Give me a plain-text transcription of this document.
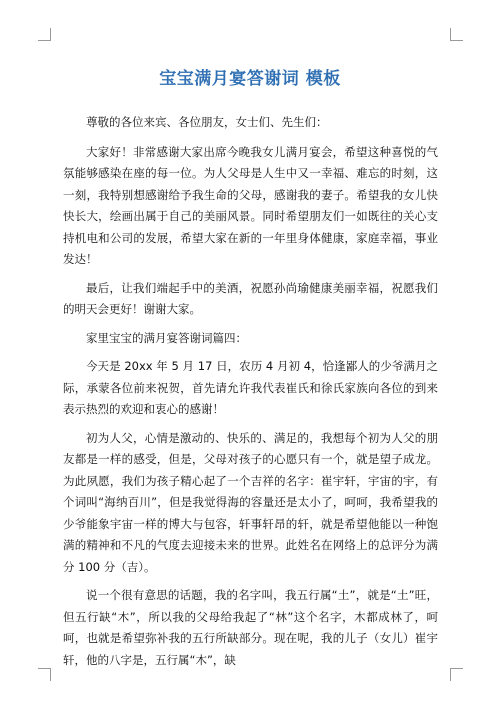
宝宝满月宴答谢词 模板

尊敬的各位来宾、各位朋友，女士们、先生们：

大家好！非常感谢大家出席今晚我女儿满月宴会，希望这种喜悦的气氛能够感染在座的每一位。为人父母是人生中又一幸福、难忘的时刻，这一刻，我特别想感谢给予我生命的父母，感谢我的妻子。希望我的女儿快快长大，绘画出属于自己的美丽风景。同时希望朋友们一如既往的关心支持机电和公司的发展，希望大家在新的一年里身体健康，家庭幸福，事业发达！

最后，让我们端起手中的美酒，祝愿孙尚瑜健康美丽幸福，祝愿我们的明天会更好！谢谢大家。

家里宝宝的满月宴答谢词篇四：

今天是 20xx 年 5 月 17 日，农历 4 月初 4，恰逢鄙人的少爷满月之际，承蒙各位前来祝贺，首先请允许我代表崔氏和徐氏家族向各位的到来表示热烈的欢迎和衷心的感谢！

初为人父，心情是激动的、快乐的、满足的，我想每个初为人父的朋友都是一样的感受，但是，父母对孩子的心愿只有一个，就是望子成龙。为此夙愿，我们为孩子精心起了一个吉祥的名字：崔宇轩，宇宙的宇，有个词叫“海纳百川”，但是我觉得海的容量还是太小了，呵呵，我希望我的少爷能象宇宙一样的博大与包容，轩事轩昂的轩，就是希望他能以一种饱满的精神和不凡的气度去迎接未来的世界。此姓名在网络上的总评分为满分 100 分（吉）。

说一个很有意思的话题，我的名字叫，我五行属“土”，就是“土”旺，但五行缺“木”，所以我的父母给我起了“林”这个名字，木都成林了，呵呵，也就是希望弥补我的五行所缺部分。现在呢，我的儿子（女儿）崔宇轩，他的八字是，五行属“木”，缺
